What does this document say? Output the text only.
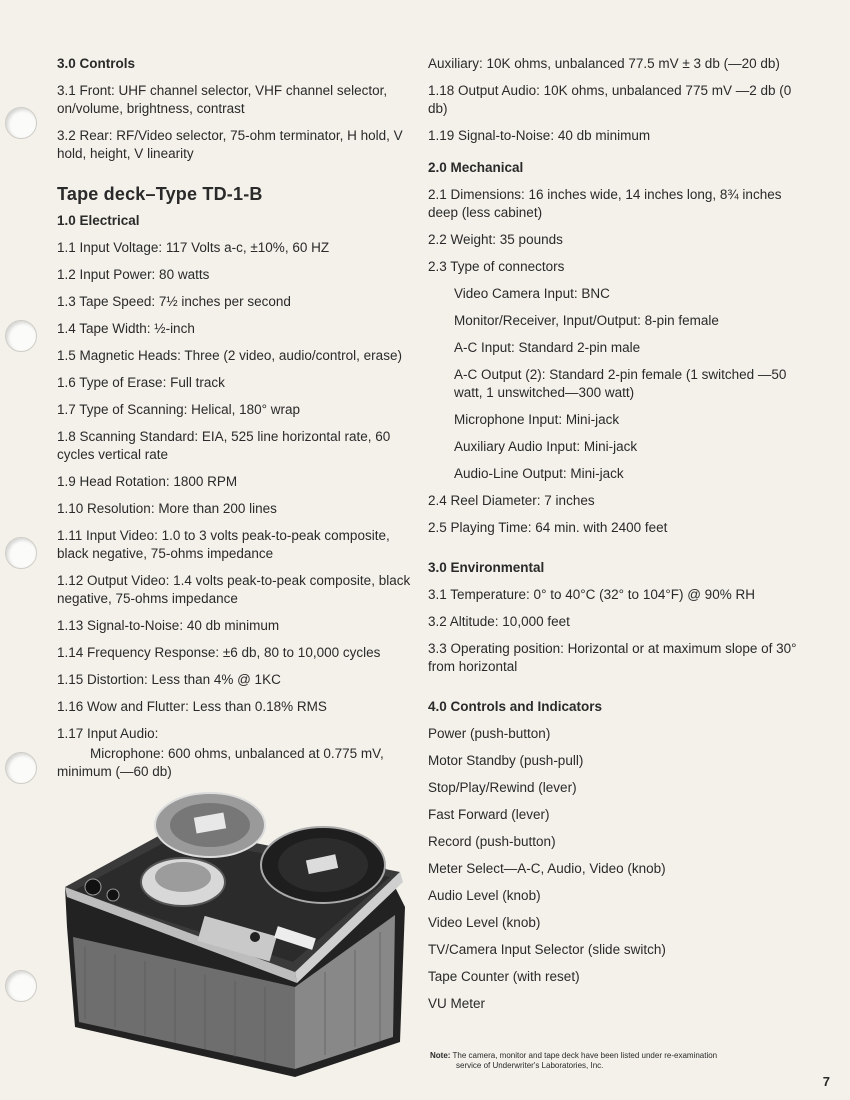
3.0 Controls
3.1 Front: UHF channel selector, VHF channel selector, on/volume, brightness, contrast
3.2 Rear: RF/Video selector, 75-ohm terminator, H hold, V hold, height, V linearity
Tape deck–Type TD-1-B
1.0 Electrical
1.1 Input Voltage: 117 Volts a-c, ±10%, 60 HZ
1.2 Input Power: 80 watts
1.3 Tape Speed: 7½ inches per second
1.4 Tape Width: ½-inch
1.5 Magnetic Heads: Three (2 video, audio/control, erase)
1.6 Type of Erase: Full track
1.7 Type of Scanning: Helical, 180° wrap
1.8 Scanning Standard: EIA, 525 line horizontal rate, 60 cycles vertical rate
1.9 Head Rotation: 1800 RPM
1.10 Resolution: More than 200 lines
1.11 Input Video: 1.0 to 3 volts peak-to-peak composite, black negative, 75-ohms impedance
1.12 Output Video: 1.4 volts peak-to-peak composite, black negative, 75-ohms impedance
1.13 Signal-to-Noise: 40 db minimum
1.14 Frequency Response: ±6 db, 80 to 10,000 cycles
1.15 Distortion: Less than 4% @ 1KC
1.16 Wow and Flutter: Less than 0.18% RMS
1.17 Input Audio:
Microphone: 600 ohms, unbalanced at 0.775 mV, minimum (—60 db)
Auxiliary: 10K ohms, unbalanced 77.5 mV ± 3 db (—20 db)
1.18 Output Audio: 10K ohms, unbalanced 775 mV —2 db (0 db)
1.19 Signal-to-Noise: 40 db minimum
2.0 Mechanical
2.1 Dimensions: 16 inches wide, 14 inches long, 8¾ inches deep (less cabinet)
2.2 Weight: 35 pounds
2.3 Type of connectors
Video Camera Input: BNC
Monitor/Receiver, Input/Output: 8-pin female
A-C Input: Standard 2-pin male
A-C Output (2): Standard 2-pin female (1 switched —50 watt, 1 unswitched—300 watt)
Microphone Input: Mini-jack
Auxiliary Audio Input: Mini-jack
Audio-Line Output: Mini-jack
2.4 Reel Diameter: 7 inches
2.5 Playing Time: 64 min. with 2400 feet
3.0 Environmental
3.1 Temperature: 0° to 40°C (32° to 104°F) @ 90% RH
3.2 Altitude: 10,000 feet
3.3 Operating position: Horizontal or at maximum slope of 30° from horizontal
4.0 Controls and Indicators
Power (push-button)
Motor Standby (push-pull)
Stop/Play/Rewind (lever)
Fast Forward (lever)
Record (push-button)
Meter Select—A-C, Audio, Video (knob)
Audio Level (knob)
Video Level (knob)
TV/Camera Input Selector (slide switch)
Tape Counter (with reset)
VU Meter
Note: The camera, monitor and tape deck have been listed under re-examination
service of Underwriter's Laboratories, Inc.
7
